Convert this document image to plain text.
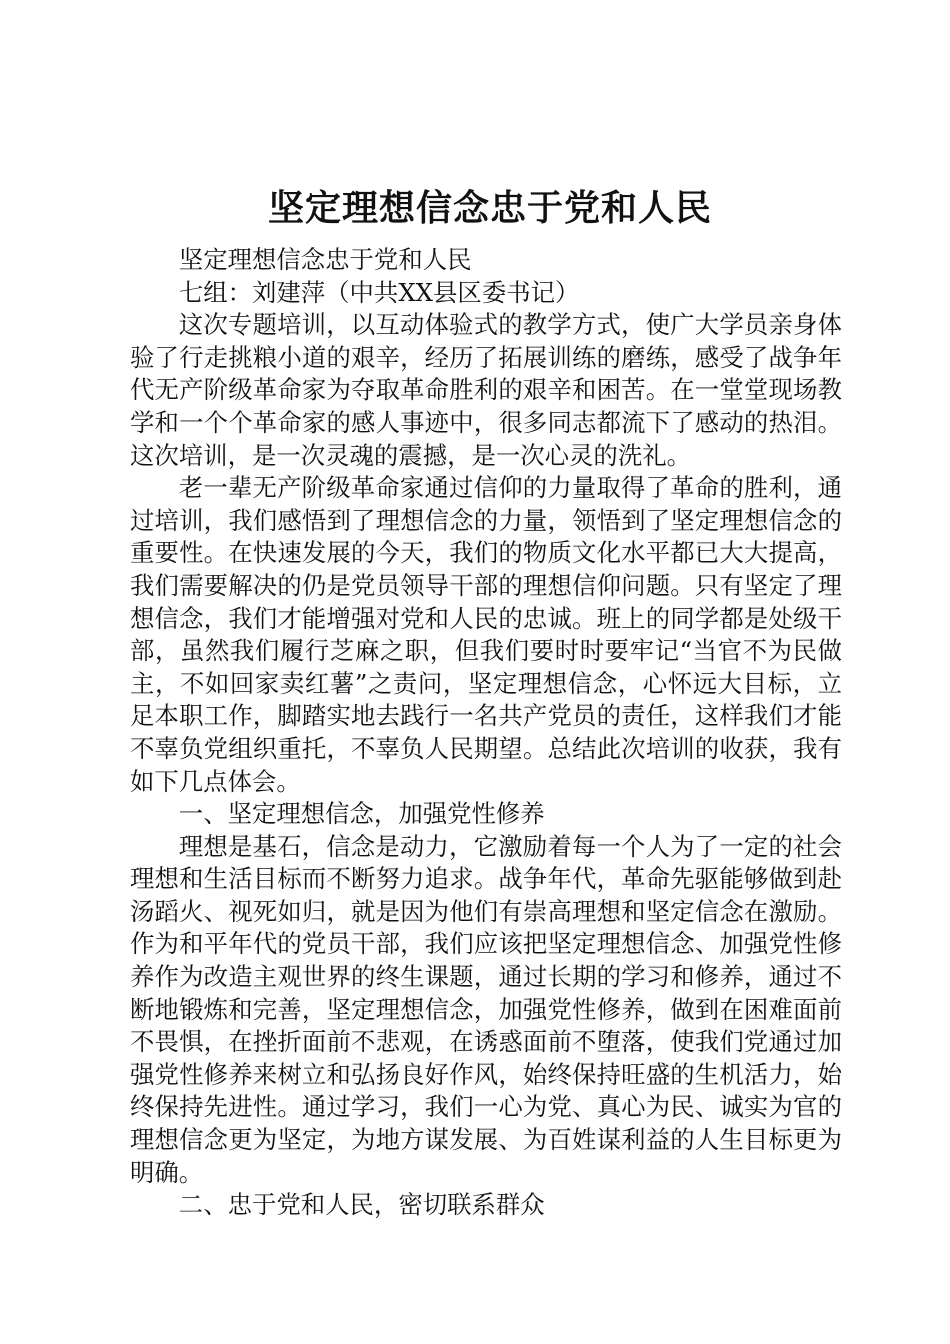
坚定理想信念忠于党和人民

坚定理想信念忠于党和人民

七组：刘建萍（中共XX县区委书记）

这次专题培训，以互动体验式的教学方式，使广大学员亲身体验了行走挑粮小道的艰辛，经历了拓展训练的磨练，感受了战争年代无产阶级革命家为夺取革命胜利的艰辛和困苦。在一堂堂现场教学和一个个革命家的感人事迹中，很多同志都流下了感动的热泪。这次培训，是一次灵魂的震撼，是一次心灵的洗礼。

老一辈无产阶级革命家通过信仰的力量取得了革命的胜利，通过培训，我们感悟到了理想信念的力量，领悟到了坚定理想信念的重要性。在快速发展的今天，我们的物质文化水平都已大大提高，我们需要解决的仍是党员领导干部的理想信仰问题。只有坚定了理想信念，我们才能增强对党和人民的忠诚。班上的同学都是处级干部，虽然我们履行芝麻之职，但我们要时时要牢记“当官不为民做主，不如回家卖红薯”之责问，坚定理想信念，心怀远大目标，立足本职工作，脚踏实地去践行一名共产党员的责任，这样我们才能不辜负党组织重托，不辜负人民期望。总结此次培训的收获，我有如下几点体会。

一、坚定理想信念，加强党性修养

理想是基石，信念是动力，它激励着每一个人为了一定的社会理想和生活目标而不断努力追求。战争年代，革命先驱能够做到赴汤蹈火、视死如归，就是因为他们有崇高理想和坚定信念在激励。作为和平年代的党员干部，我们应该把坚定理想信念、加强党性修养作为改造主观世界的终生课题，通过长期的学习和修养，通过不断地锻炼和完善，坚定理想信念，加强党性修养，做到在困难面前不畏惧，在挫折面前不悲观，在诱惑面前不堕落，使我们党通过加强党性修养来树立和弘扬良好作风，始终保持旺盛的生机活力，始终保持先进性。通过学习，我们一心为党、真心为民、诚实为官的理想信念更为坚定，为地方谋发展、为百姓谋利益的人生目标更为明确。

二、忠于党和人民，密切联系群众
